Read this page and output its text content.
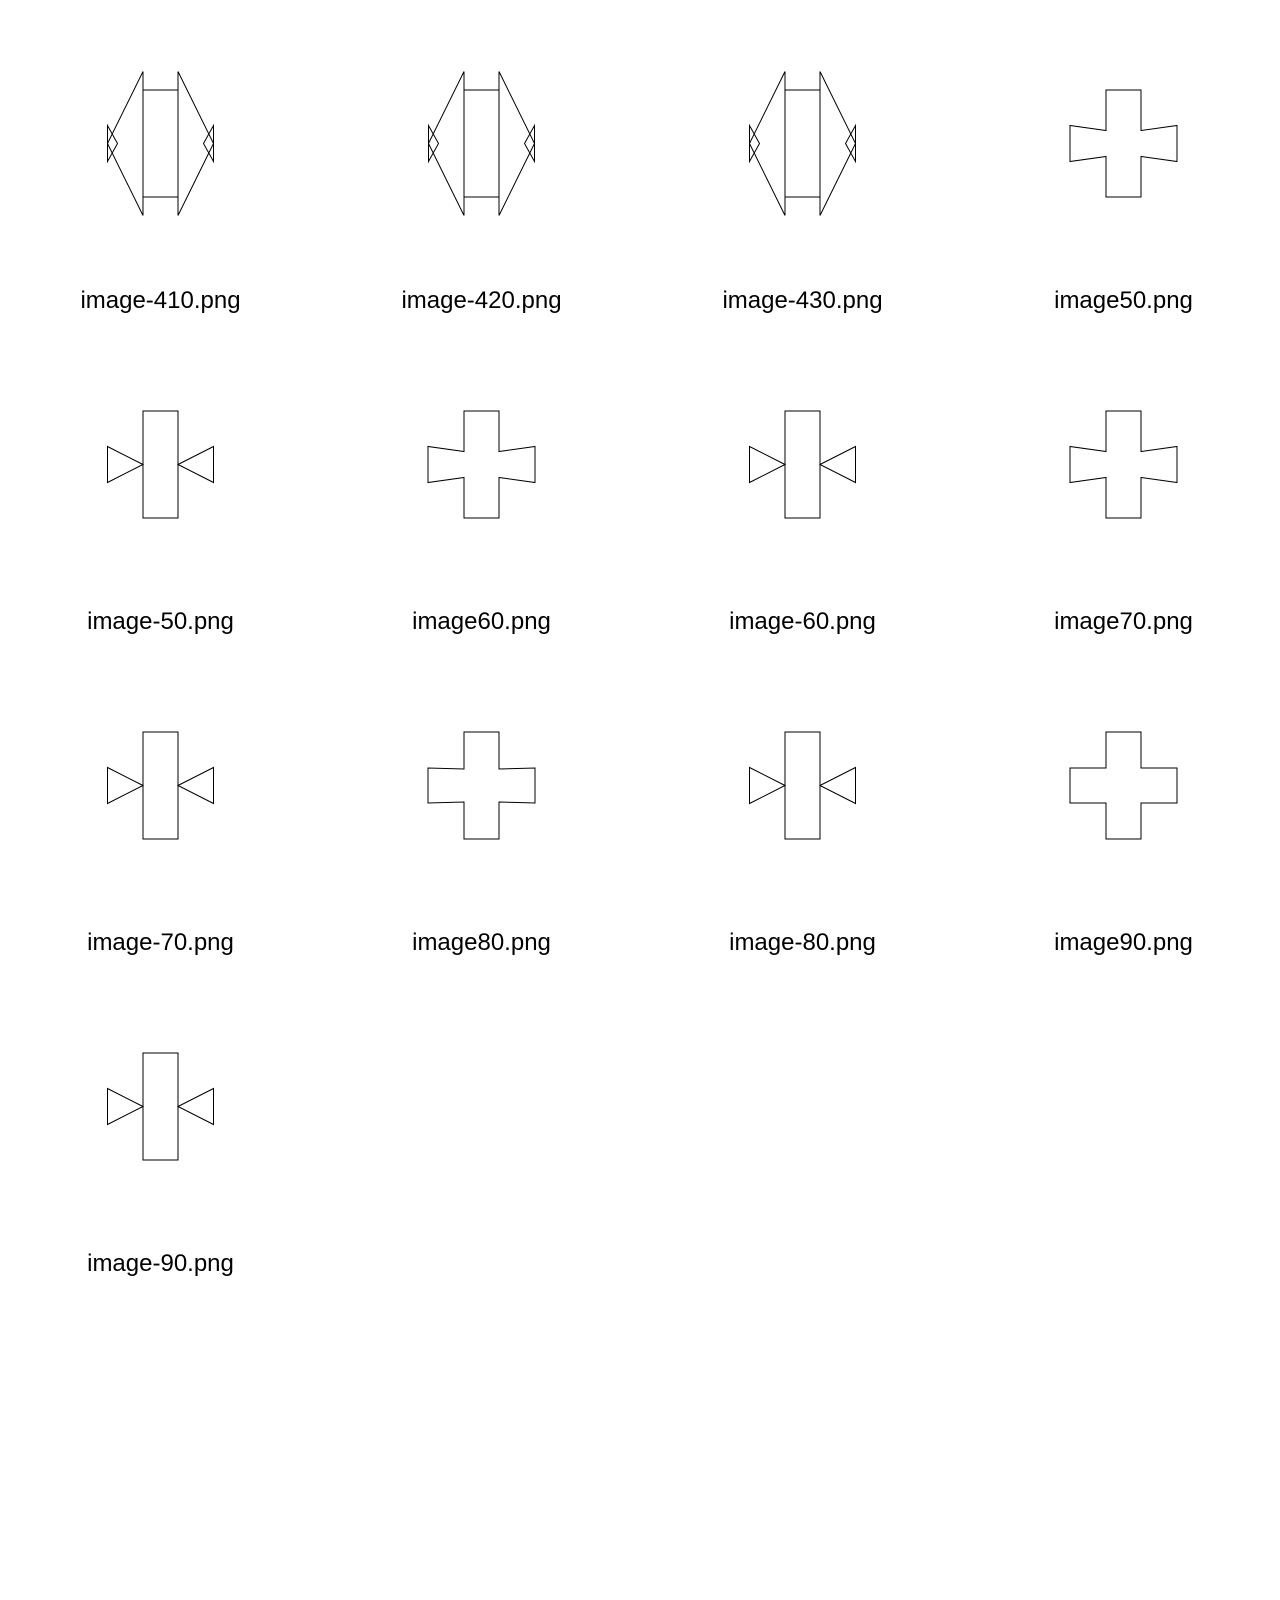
image-410.png	image-420.png	image-430.png	image50.png
image-50.png	image60.png	image-60.png	image70.png
image-70.png	image80.png	image-80.png	image90.png
image-90.png
